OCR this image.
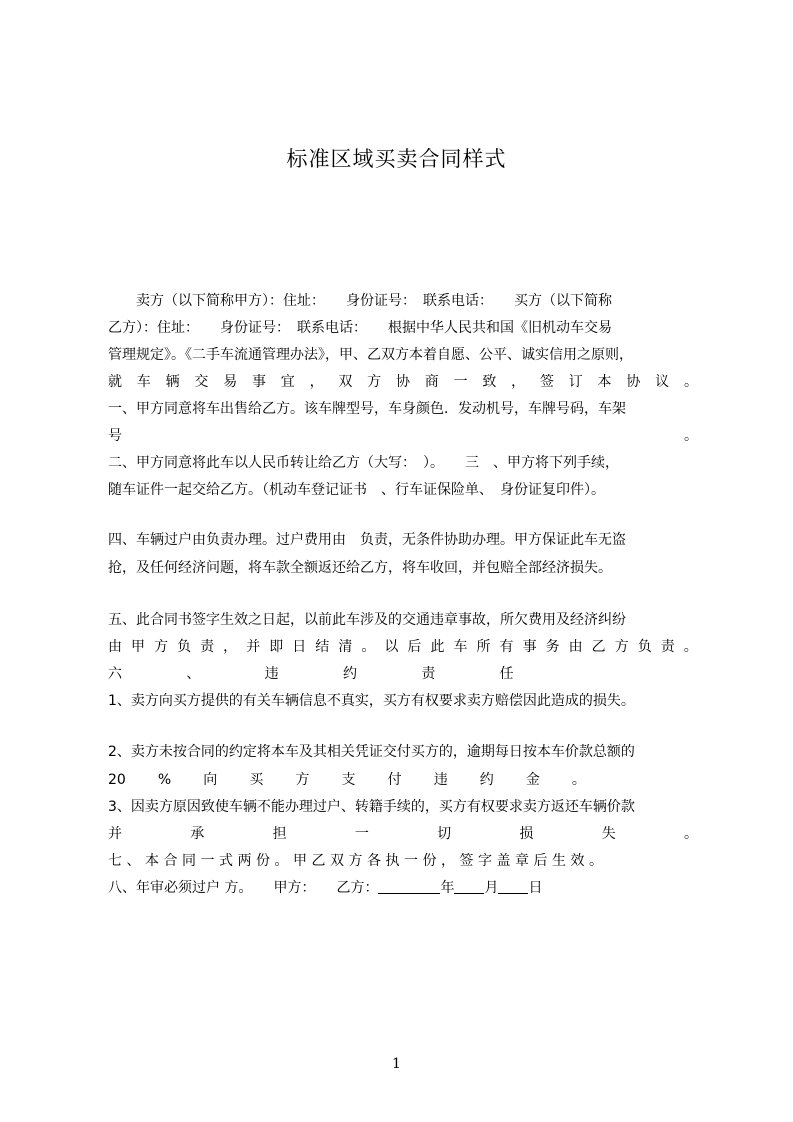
标准区域买卖合同样式
卖方（以下简称甲方）：住址：　　身份证号：　联系电话：　　买方（以下简称
乙方）：住址：　　身份证号：　联系电话：　　根据中华人民共和国《旧机动车交易
管理规定》。《二手车流通管理办法》，甲、乙双方本着自愿、公平、诚实信用之原则，
就 车 辆 交 易 事 宜 ， 双 方 协 商 一 致 ， 签 订 本 协 议 。
一、甲方同意将车出售给乙方。该车牌型号，车身颜色．发动机号，车牌号码，车架
号	。
二、甲方同意将此车以人民币转让给乙方（大写：　）。　　三　、甲方将下列手续，
随车证件一起交给乙方。（机动车登记证书　、行车证保险单、　身份证复印件）。
四、车辆过户由负责办理。过户费用由　负责，无条件协助办理。甲方保证此车无盗
抢，及任何经济问题，将车款全额返还给乙方，将车收回，并包赔全部经济损失。
五、此合同书签字生效之日起，以前此车涉及的交通违章事故，所欠费用及经济纠纷
由 甲 方 负 责 ， 并 即 日 结 清 。 以 后 此 车 所 有 事 务 由 乙 方 负 责 。
六	、	违	约	责	任
1、卖方向买方提供的有关车辆信息不真实，买方有权要求卖方赔偿因此造成的损失。
2、卖方未按合同的约定将本车及其相关凭证交付买方的，逾期每日按本车价款总额的
20 % 向 买 方 支 付 违 约 金 。
3、因卖方原因致使车辆不能办理过户、转籍手续的，买方有权要求卖方返还车辆价款
并	承	担	一	切	损	失	。
七、本合同一式两份。甲乙双方各执一份，签字盖章后生效。
八、年审必须过户 方。　　甲方：　　乙方：	年 月 日
1
